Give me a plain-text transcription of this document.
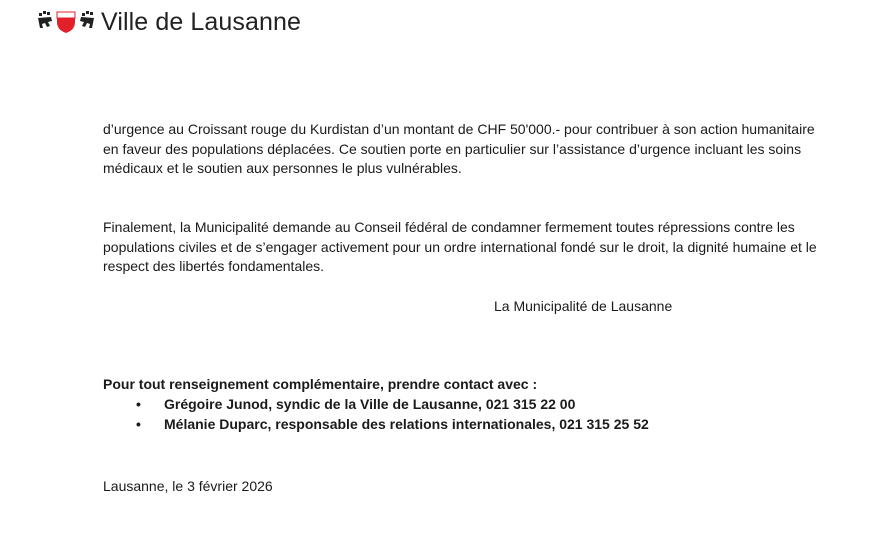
Ville de Lausanne

d’urgence au Croissant rouge du Kurdistan d’un montant de CHF 50'000.- pour contribuer à son action humanitaire en faveur des populations déplacées. Ce soutien porte en particulier sur l’assistance d’urgence incluant les soins médicaux et le soutien aux personnes le plus vulnérables.

Finalement, la Municipalité demande au Conseil fédéral de condamner fermement toutes répressions contre les populations civiles et de s’engager activement pour un ordre international fondé sur le droit, la dignité humaine et le respect des libertés fondamentales.

La Municipalité de Lausanne

Pour tout renseignement complémentaire, prendre contact avec :

• Grégoire Junod, syndic de la Ville de Lausanne, 021 315 22 00
• Mélanie Duparc, responsable des relations internationales, 021 315 25 52

Lausanne, le 3 février 2026
